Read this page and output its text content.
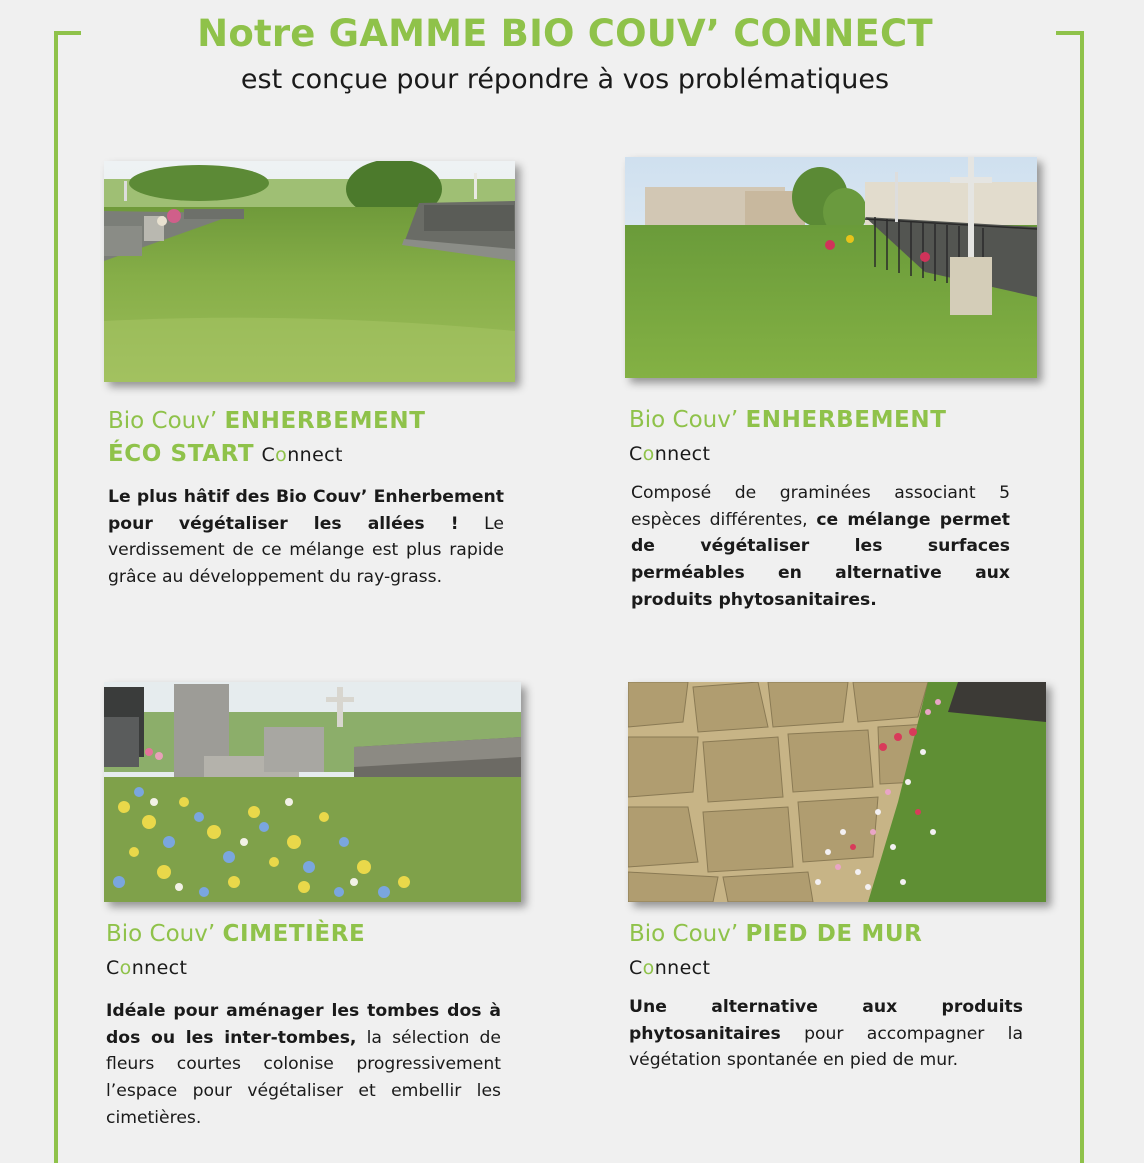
Notre GAMME BIO COUV’ CONNECT
est conçue pour répondre à vos problématiques
Bio Couv’ ENHERBEMENT
ÉCO START Connect
Le plus hâtif des Bio Couv’ Enherbement pour végétaliser les allées ! Le verdissement de ce mélange est plus rapide grâce au développement du ray-grass.
Bio Couv’ ENHERBEMENT
Connect
Composé de graminées associant 5 espèces différentes, ce mélange permet de végétaliser les surfaces perméables en alternative aux produits phytosanitaires.
Bio Couv’ CIMETIÈRE
Connect
Idéale pour aménager les tombes dos à dos ou les inter-tombes, la sélection de fleurs courtes colonise progressivement l’espace pour végétaliser et embellir les cimetières.
Bio Couv’ PIED DE MUR
Connect
Une alternative aux produits phytosanitaires pour accompagner la végétation spontanée en pied de mur.
